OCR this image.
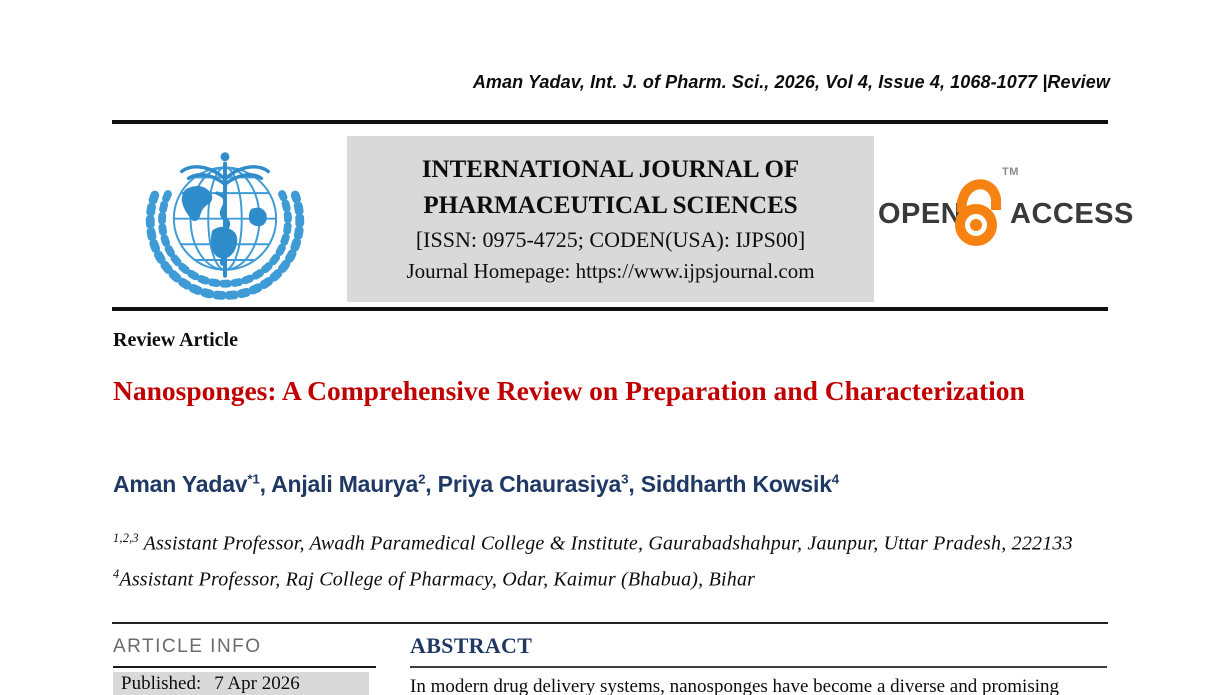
Aman Yadav, Int. J. of Pharm. Sci., 2026, Vol 4, Issue 4, 1068-1077 |Review
INTERNATIONAL JOURNAL OF
PHARMACEUTICAL SCIENCES
[ISSN: 0975-4725; CODEN(USA): IJPS00]
Journal Homepage: https://www.ijpsjournal.com
OPEN
TM
ACCESS
Review Article
Nanosponges: A Comprehensive Review on Preparation and Characterization
Aman Yadav$^{*1}$, Anjali Maurya$^2$, Priya Chaurasiya$^3$, Siddharth Kowsik$^4$
$^{1,2,3}$ Assistant Professor, Awadh Paramedical College & Institute, Gaurabadshahpur, Jaunpur, Uttar Pradesh, 222133
$^4$Assistant Professor, Raj College of Pharmacy, Odar, Kaimur (Bhabua), Bihar
ARTICLE INFO
Published: 7 Apr 2026
ABSTRACT
In modern drug delivery systems, nanosponges have become a diverse and promising
